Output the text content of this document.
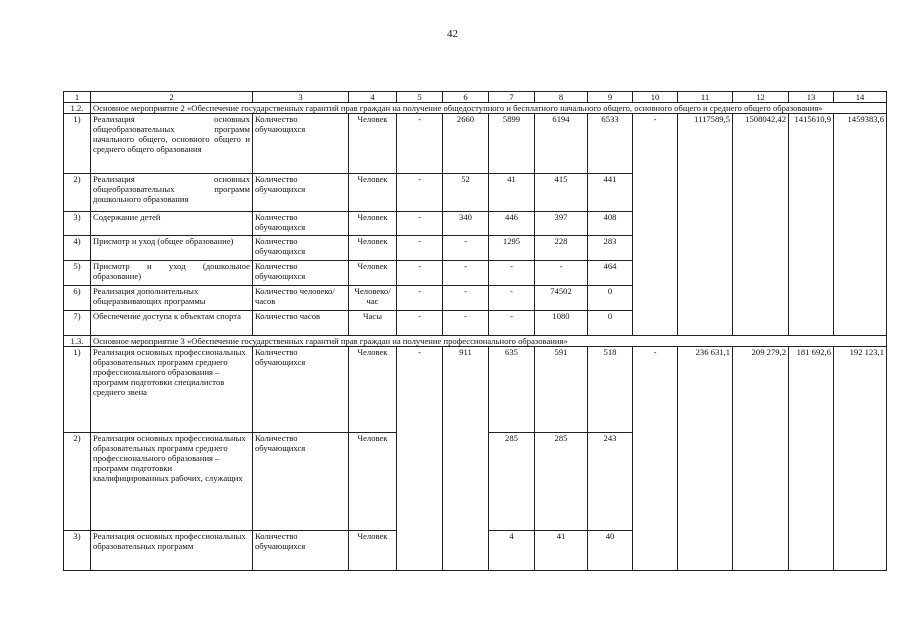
42
1	2	3	4	5	6	7	8	9	10	11	12	13	14
1.2.	Основное мероприятие 2 «Обеспечение государственных гарантий прав граждан на получение общедоступного и бесплатного начального общего, основного общего и среднего общего образования»												
1)	Реализация основных общеобразовательных программ начального общего, основного общего и среднего общего образования	Количество обучающихся	Человек	-	2660	5899	6194	6533	-	1117589,5	1508042,42	1415610,9	1459383,6
2)	Реализация основных общеобразовательных программ дошкольного образования	Количество обучающихся	Человек	-	52	41	415	441					
3)	Содержание детей	Количество обучающихся	Человек	-	340	446	397	408					
4)	Присмотр и уход (общее образование)	Количество обучающихся	Человек	-	-	1295	228	283					
5)	Присмотр и уход (дошкольное образование)	Количество обучающихся	Человек	-	-	-	-	464					
6)	Реализация дополнительных общеразвивающих программы	Количество человеко/часов	Человеко/ час	-	-	-	74502	0					
7)	Обеспечение доступа к объектам спорта	Количество часов	Часы	-	-	-	1080	0					
1.3.	Основное мероприятие 3 «Обеспечение государственных гарантий прав граждан на получение профессионального образования»												
1)	Реализация основных профессиональных образовательных программ среднего профессионального образования – программ подготовки специалистов среднего звена	Количество обучающихся	Человек	-	911	635	591	518	-	236 631,1	209 279,2	181 692,6	192 123,1
2)	Реализация основных профессиональных образовательных программ среднего профессионального образования – программ подготовки квалифицированных рабочих, служащих	Количество обучающихся	Человек			285	285	243					
3)	Реализация основных профессиональных образовательных программ	Количество обучающихся	Человек			4	41	40					
